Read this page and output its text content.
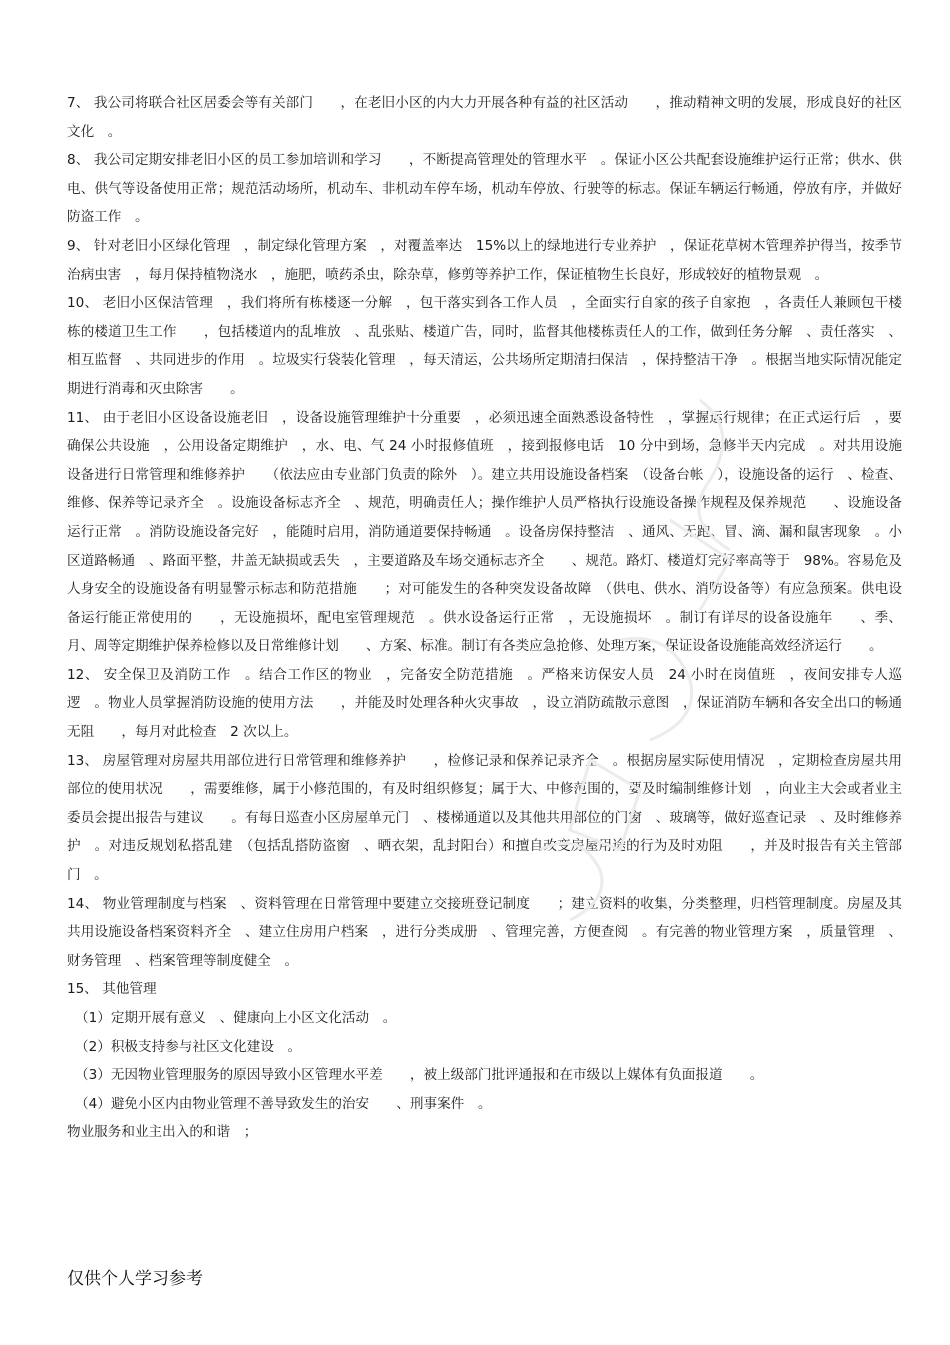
7、 我公司将联合社区居委会等有关部门　　，在老旧小区的内大力开展各种有益的社区活动　　，推动精神文明的发展，形成良好的社区文化　。

8、 我公司定期安排老旧小区的员工参加培训和学习　　，不断提高管理处的管理水平　。保证小区公共配套设施维护运行正常；供水、供电、供气等设备使用正常；规范活动场所，机动车、非机动车停车场，机动车停放、行驶等的标志。保证车辆运行畅通，停放有序，并做好防盗工作　。

9、 针对老旧小区绿化管理　，制定绿化管理方案　，对覆盖率达　15%以上的绿地进行专业养护　，保证花草树木管理养护得当，按季节治病虫害　，每月保持植物浇水　，施肥，喷药杀虫，除杂草，修剪等养护工作，保证植物生长良好，形成较好的植物景观　。

10、 老旧小区保洁管理　，我们将所有栋楼逐一分解　，包干落实到各工作人员　，全面实行自家的孩子自家抱　，各责任人兼顾包干楼栋的楼道卫生工作　　，包括楼道内的乱堆放　、乱张贴、楼道广告，同时，监督其他楼栋责任人的工作，做到任务分解　、责任落实　、相互监督　、共同进步的作用　。垃圾实行袋装化管理　，每天清运，公共场所定期清扫保洁　，保持整洁干净　。根据当地实际情况能定期进行消毒和灭虫除害　　。

11、 由于老旧小区设备设施老旧　，设备设施管理维护十分重要　，必须迅速全面熟悉设备特性　，掌握运行规律；在正式运行后　，要确保公共设施　，公用设备定期维护　，水、电、气 24 小时报修值班　，接到报修电话　10 分中到场，急修半天内完成　。对共用设施设备进行日常管理和维修养护　　（依法应由专业部门负责的除外　）。建立共用设施设备档案　（设备台帐　），设施设备的运行　、检查、维修、保养等记录齐全　。设施设备标志齐全　、规范，明确责任人；操作维护人员严格执行设施设备操作规程及保养规范　　、设施设备运行正常　。消防设施设备完好　，能随时启用，消防通道要保持畅通　。设备房保持整洁　、通风、无跑、冒、滴、漏和鼠害现象　。小区道路畅通　、路面平整，井盖无缺损或丢失　，主要道路及车场交通标志齐全　　、规范。路灯、楼道灯完好率高等于　98%。容易危及人身安全的设施设备有明显警示标志和防范措施　　；对可能发生的各种突发设备故障　（供电、供水、消防设备等）有应急预案。供电设备运行能正常使用的　　，无设施损坏，配电室管理规范　。供水设备运行正常　，无设施损坏　。制订有详尽的设备设施年　　、季、月、周等定期维护保养检修以及日常维修计划　　、方案、标准。制订有各类应急抢修、处理方案，保证设备设施能高效经济运行　　。

12、 安全保卫及消防工作　。结合工作区的物业　，完备安全防范措施　。严格来访保安人员　24 小时在岗值班　，夜间安排专人巡逻　。物业人员掌握消防设施的使用方法　　，并能及时处理各种火灾事故　，设立消防疏散示意图　，保证消防车辆和各安全出口的畅通无阻　　，每月对此检查　2 次以上。

13、 房屋管理对房屋共用部位进行日常管理和维修养护　　，检修记录和保养记录齐全　。根据房屋实际使用情况　，定期检查房屋共用部位的使用状况　　，需要维修，属于小修范围的，有及时组织修复；属于大、中修范围的，要及时编制维修计划　，向业主大会或者业主委员会提出报告与建议　　。有每日巡查小区房屋单元门　、楼梯通道以及其他共用部位的门窗　、玻璃等，做好巡查记录　、及时维修养护　。对违反规划私搭乱建　（包括乱搭防盗窗　、晒衣架，乱封阳台）和擅自改变房屋用途的行为及时劝阻　　，并及时报告有关主管部门　。

14、 物业管理制度与档案　、资料管理在日常管理中要建立交接班登记制度　　；建立资料的收集，分类整理，归档管理制度。房屋及其共用设施设备档案资料齐全　、建立住房用户档案　，进行分类成册　、管理完善，方便查阅　。有完善的物业管理方案　，质量管理　、财务管理　、档案管理等制度健全　。

15、 其他管理

（1）定期开展有意义　、健康向上小区文化活动　。
（2）积极支持参与社区文化建设　。
（3）无因物业管理服务的原因导致小区管理水平差　　，被上级部门批评通报和在市级以上媒体有负面报道　　。
（4）避免小区内由物业管理不善导致发生的治安　　、刑事案件　。
物业服务和业主出入的和谐　；
仅供个人学习参考
